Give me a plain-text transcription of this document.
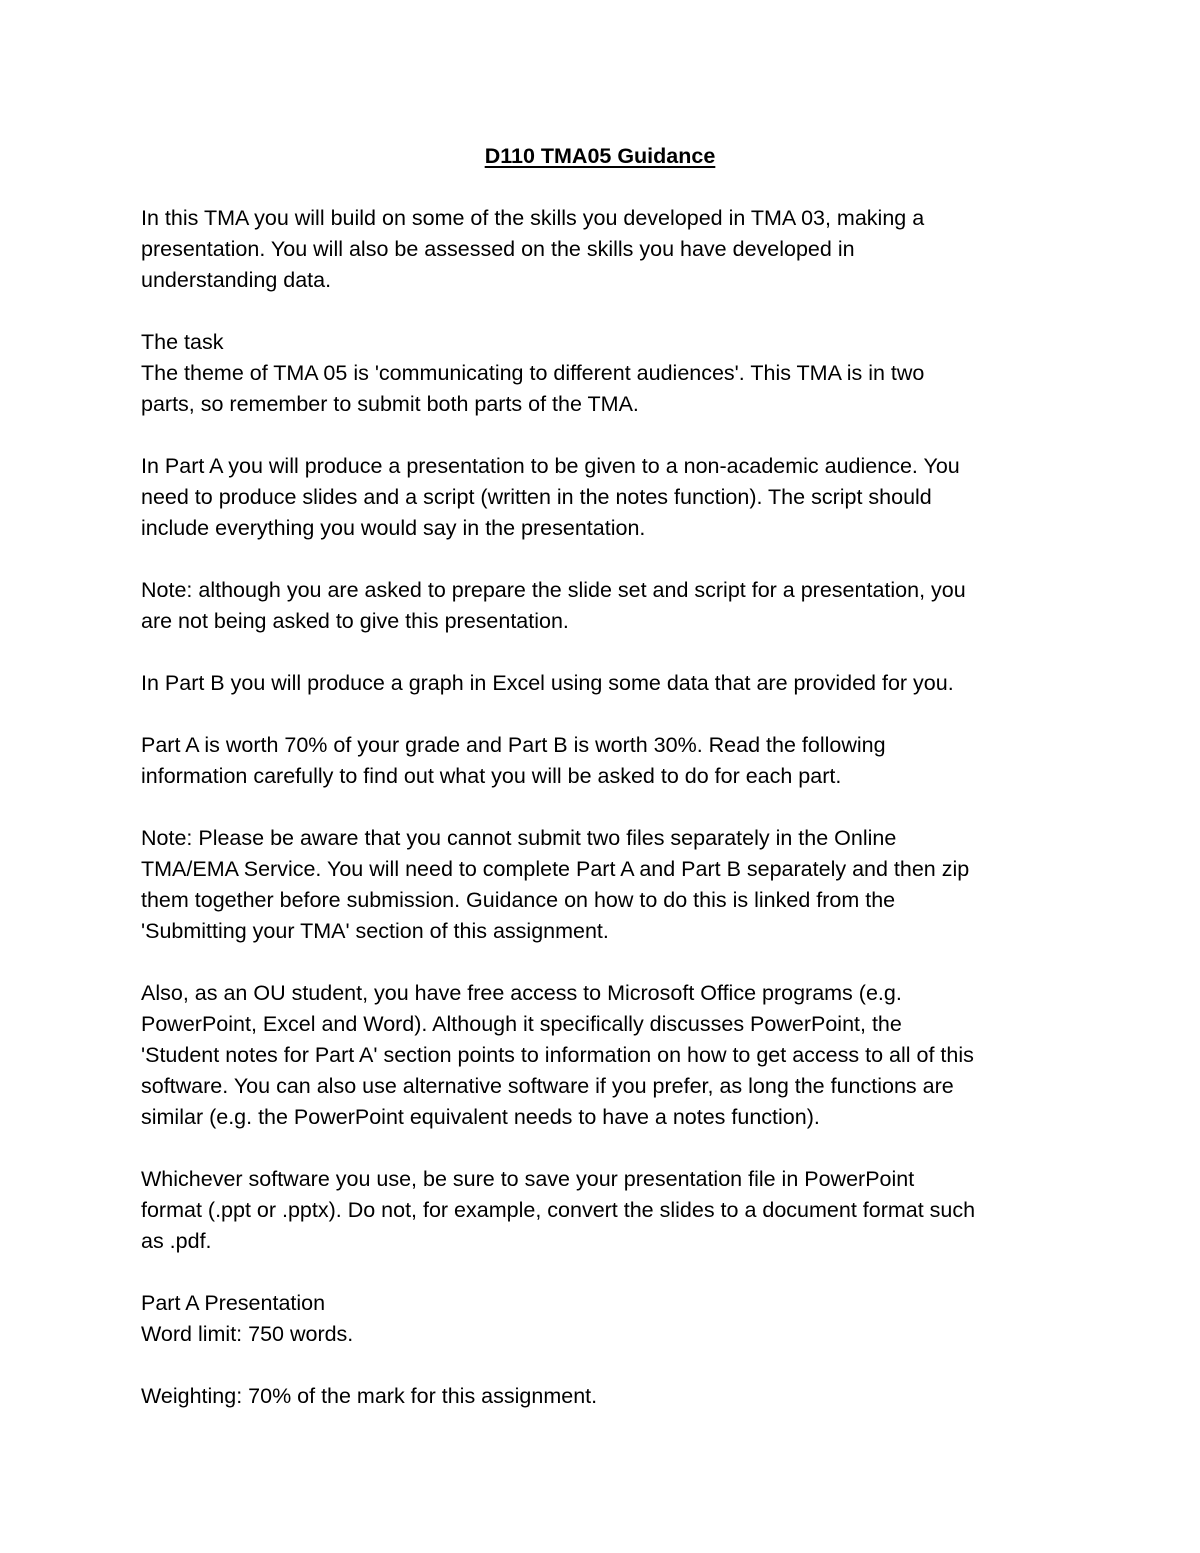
D110 TMA05 Guidance

In this TMA you will build on some of the skills you developed in TMA 03, making a
presentation. You will also be assessed on the skills you have developed in
understanding data.

The task
The theme of TMA 05 is 'communicating to different audiences'. This TMA is in two
parts, so remember to submit both parts of the TMA.

In Part A you will produce a presentation to be given to a non-academic audience. You
need to produce slides and a script (written in the notes function). The script should
include everything you would say in the presentation.

Note: although you are asked to prepare the slide set and script for a presentation, you
are not being asked to give this presentation.

In Part B you will produce a graph in Excel using some data that are provided for you.

Part A is worth 70% of your grade and Part B is worth 30%. Read the following
information carefully to find out what you will be asked to do for each part.

Note: Please be aware that you cannot submit two files separately in the Online
TMA/EMA Service. You will need to complete Part A and Part B separately and then zip
them together before submission. Guidance on how to do this is linked from the
'Submitting your TMA' section of this assignment.

Also, as an OU student, you have free access to Microsoft Office programs (e.g.
PowerPoint, Excel and Word). Although it specifically discusses PowerPoint, the
'Student notes for Part A' section points to information on how to get access to all of this
software. You can also use alternative software if you prefer, as long the functions are
similar (e.g. the PowerPoint equivalent needs to have a notes function).

Whichever software you use, be sure to save your presentation file in PowerPoint
format (.ppt or .pptx). Do not, for example, convert the slides to a document format such
as .pdf.

Part A Presentation
Word limit: 750 words.

Weighting: 70% of the mark for this assignment.
